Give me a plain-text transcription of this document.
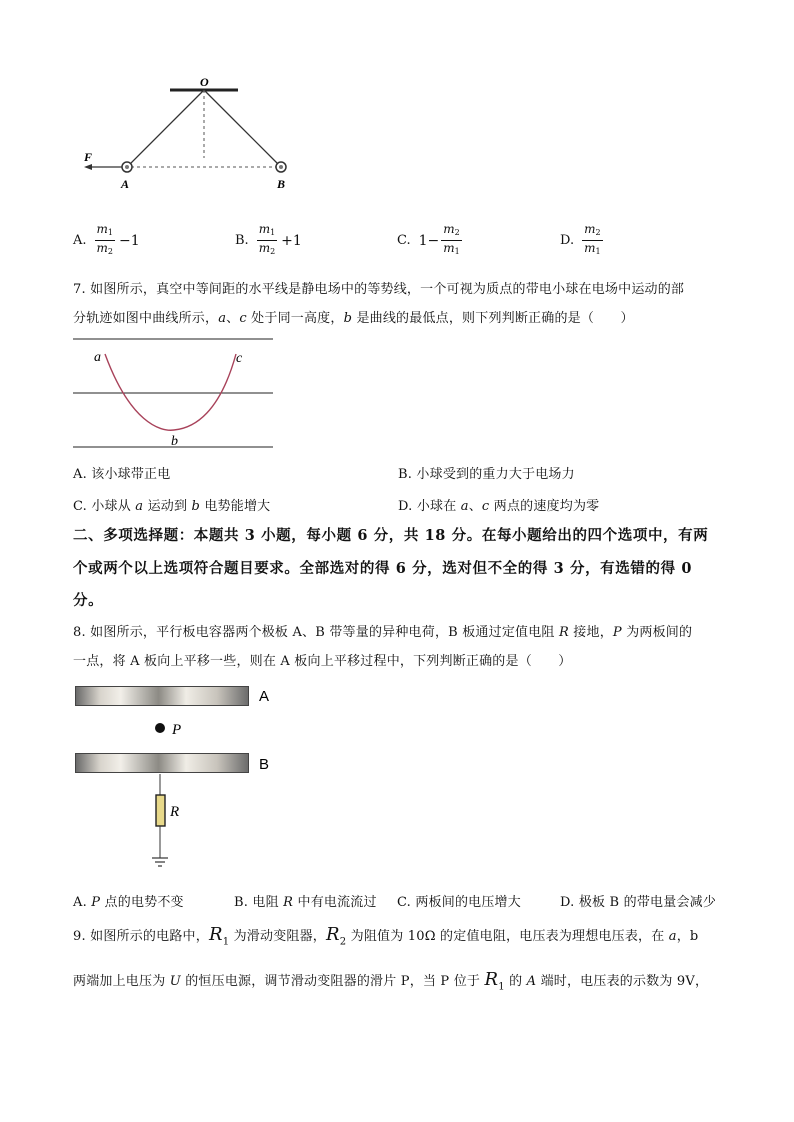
O
F
A	B
A. $\frac{m_1}{m_2} -1$	B. $\frac{m_1}{m_2} +1$	C. $1- \frac{m_2}{m_1}$	D. $\frac{m_2}{m_1}$
7. 如图所示，真空中等间距的水平线是静电场中的等势线，一个可视为质点的带电小球在电场中运动的部
分轨迹如图中曲线所示，a、c 处于同一高度，b 是曲线的最低点，则下列判断正确的是（　　）
a	c
b
A. 该小球带正电	B. 小球受到的重力大于电场力
C. 小球从 a 运动到 b 电势能增大	D. 小球在 a、c 两点的速度均为零
二、多项选择题：本题共 3 小题，每小题 6 分，共 18 分。在每小题给出的四个选项中，有两
个或两个以上选项符合题目要求。全部选对的得 6 分，选对但不全的得 3 分，有选错的得 0
分。
8. 如图所示，平行板电容器两个极板 A、B 带等量的异种电荷，B 板通过定值电阻 R 接地，P 为两板间的
一点，将 A 板向上平移一些，则在 A 板向上平移过程中，下列判断正确的是（　　）
A
P
B
R
A. P 点的电势不变	B. 电阻 R 中有电流流过 C. 两板间的电压增大	D. 极板 B 的带电量会减少
9. 如图所示的电路中，$R_1$ 为滑动变阻器，$R_2$ 为阻值为 10Ω 的定值电阻，电压表为理想电压表，在 a，b
两端加上电压为 U 的恒压电源，调节滑动变阻器的滑片 P，当 P 位于 $R_1$ 的 A 端时，电压表的示数为 9V，
